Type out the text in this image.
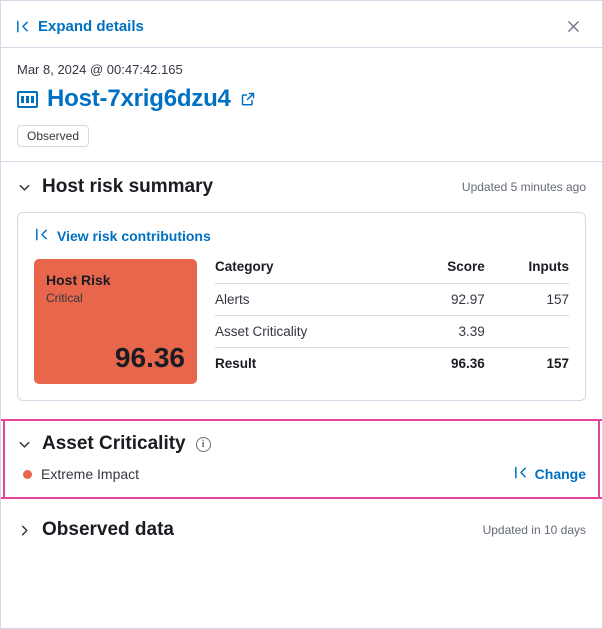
Expand details
Mar 8, 2024 @ 00:47:42.165
Host-7xrig6dzu4
Observed
Host risk summary	Updated 5 minutes ago
View risk contributions
Host Risk
Critical
96.36
Category	Score	Inputs
Alerts	92.97	157
Asset Criticality	3.39	
Result	96.36	157
Asset Criticality	i
Extreme Impact	Change
Observed data	Updated in 10 days
